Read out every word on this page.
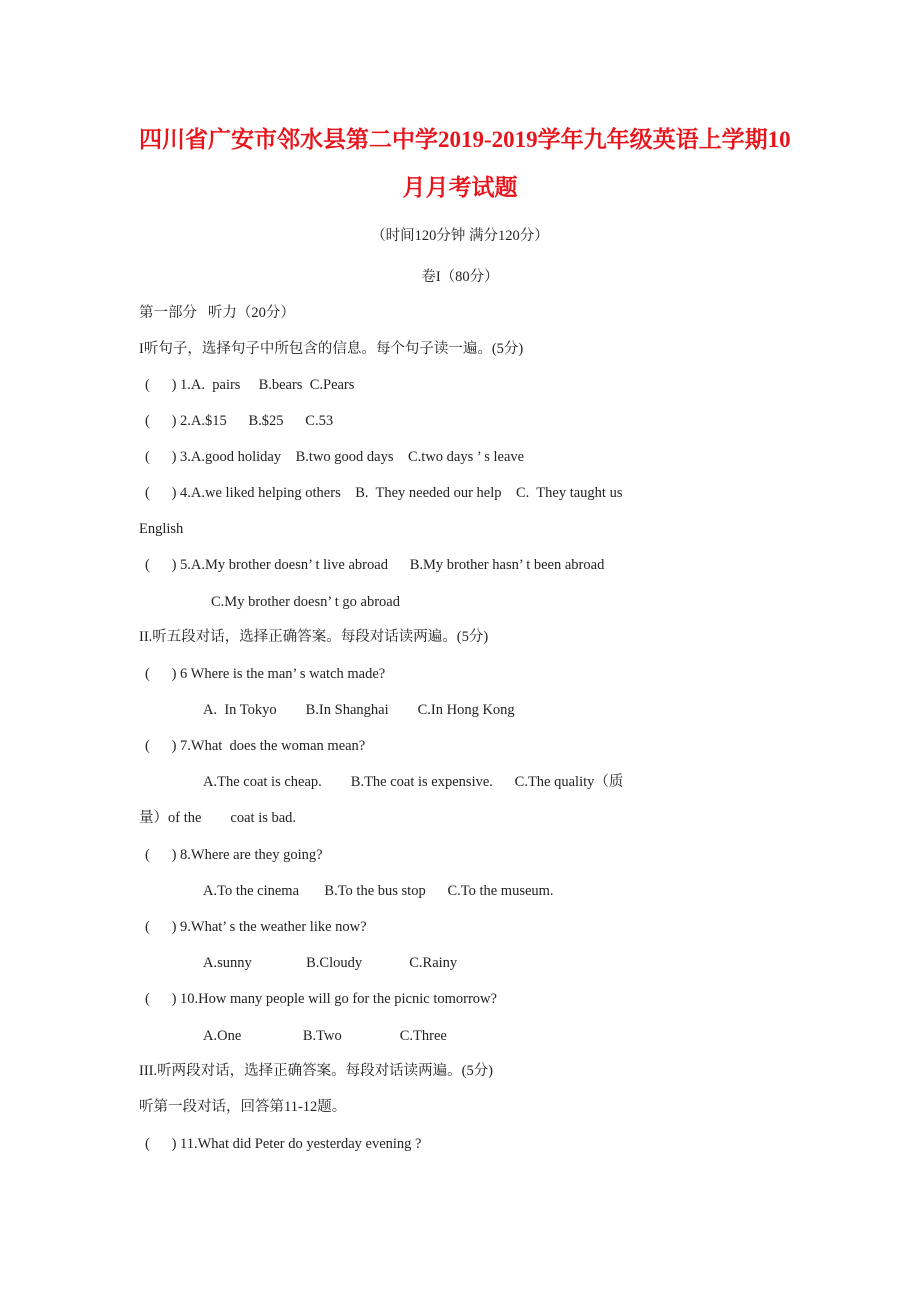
四川省广安市邻水县第二中学2019-2019学年九年级英语上学期10
月月考试题
（时间120分钟 满分120分）
卷I（80分）
第一部分   听力（20分）
I听句子，选择句子中所包含的信息。每个句子读一遍。(5分)
(      ) 1.A.  pairs     B.bears  C.Pears
(      ) 2.A.$15      B.$25      C.53
(      ) 3.A.good holiday    B.two good days    C.two days ’ s leave
(      ) 4.A.we liked helping others    B.  They needed our help    C.  They taught us
English
(      ) 5.A.My brother doesn’ t live abroad      B.My brother hasn’ t been abroad
C.My brother doesn’ t go abroad
II.听五段对话，选择正确答案。每段对话读两遍。(5分)
(      ) 6 Where is the man’ s watch made?
A.  In Tokyo        B.In Shanghai        C.In Hong Kong
(      ) 7.What  does the woman mean?
A.The coat is cheap.        B.The coat is expensive.      C.The quality（质
量）of the        coat is bad.
(      ) 8.Where are they going?
A.To the cinema       B.To the bus stop      C.To the museum.
(      ) 9.What’ s the weather like now?
A.sunny               B.Cloudy             C.Rainy
(      ) 10.How many people will go for the picnic tomorrow?
A.One                 B.Two                C.Three
III.听两段对话，选择正确答案。每段对话读两遍。(5分)
听第一段对话，回答第11-12题。
(      ) 11.What did Peter do yesterday evening ?
